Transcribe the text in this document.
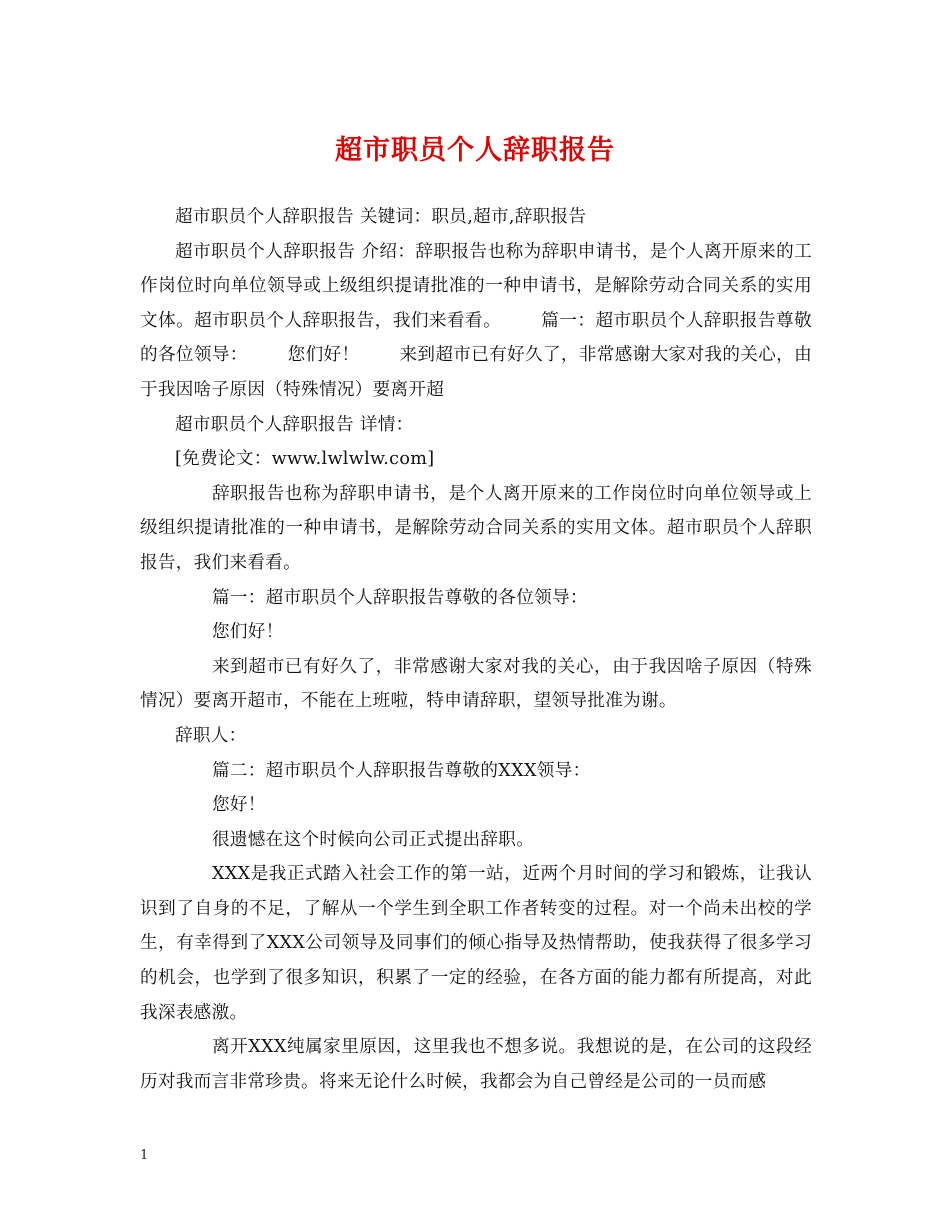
超市职员个人辞职报告

超市职员个人辞职报告 关键词：职员,超市,辞职报告

超市职员个人辞职报告 介绍：辞职报告也称为辞职申请书，是个人离开原来的工作岗位时向单位领导或上级组织提请批准的一种申请书，是解除劳动合同关系的实用文体。超市职员个人辞职报告，我们来看看。 篇一：超市职员个人辞职报告尊敬的各位领导： 您们好！ 来到超市已有好久了，非常感谢大家对我的关心，由于我因啥子原因（特殊情况）要离开超

超市职员个人辞职报告 详情：

[免费论文：www.lwlwlw.com]

辞职报告也称为辞职申请书，是个人离开原来的工作岗位时向单位领导或上级组织提请批准的一种申请书，是解除劳动合同关系的实用文体。超市职员个人辞职报告，我们来看看。

篇一：超市职员个人辞职报告尊敬的各位领导：

您们好！

来到超市已有好久了，非常感谢大家对我的关心，由于我因啥子原因（特殊情况）要离开超市，不能在上班啦，特申请辞职，望领导批准为谢。

辞职人：

篇二：超市职员个人辞职报告尊敬的XXX领导：

您好！

很遗憾在这个时候向公司正式提出辞职。

XXX是我正式踏入社会工作的第一站，近两个月时间的学习和锻炼，让我认识到了自身的不足，了解从一个学生到全职工作者转变的过程。对一个尚未出校的学生，有幸得到了XXX公司领导及同事们的倾心指导及热情帮助，使我获得了很多学习的机会，也学到了很多知识，积累了一定的经验，在各方面的能力都有所提高，对此我深表感激。

离开XXX纯属家里原因，这里我也不想多说。我想说的是，在公司的这段经历对我而言非常珍贵。将来无论什么时候，我都会为自己曾经是公司的一员而感

1
